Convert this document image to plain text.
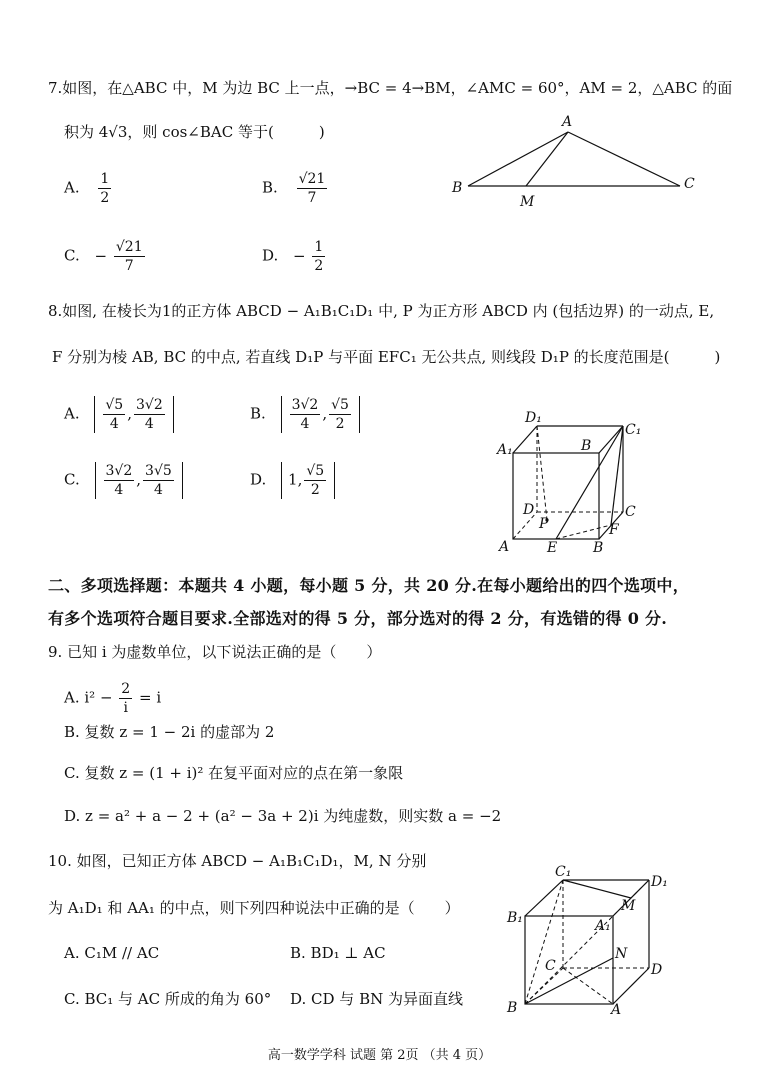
7.如图，在△ABC 中，M 为边 BC 上一点，→BC = 4→BM，∠AMC = 60°，AM = 2，△ABC 的面
积为 4√3，则 cos∠BAC 等于(　　　)
A. $\frac{1}{2}$	B. $\frac{√21}{7}$
C. − $\frac{√21}{7}$	D. − $\frac{1}{2}$
A
B	C
M
8.如图, 在棱长为1的正方体 ABCD − A₁B₁C₁D₁ 中, P 为正方形 ABCD 内 (包括边界) 的一动点, E,
F 分别为棱 AB, BC 的中点, 若直线 D₁P 与平面 EFC₁ 无公共点, 则线段 D₁P 的长度范围是(　　　)
A. $\frac{√5}{4}$ , $\frac{3√2}{4}$	B. $\frac{3√2}{4}$ , $\frac{√5}{2}$
C. $\frac{3√2}{4}$ , $\frac{3√5}{4}$	D. 1, $\frac{√5}{2}$
D₁
C₁
A₁	B
D	C
P	F
A	E	B
二、多项选择题：本题共 4 小题，每小题 5 分，共 20 分.在每小题给出的四个选项中，
有多个选项符合题目要求.全部选对的得 5 分，部分选对的得 2 分，有选错的得 0 分.
9. 已知 i 为虚数单位，以下说法正确的是（　　）
A. $i^2 - \frac{2}{i} = i$
B. 复数 z = 1 − 2i 的虚部为 2
C. 复数 z = (1 + i)² 在复平面对应的点在第一象限
D. z = a² + a − 2 + (a² − 3a + 2)i 为纯虚数，则实数 a = −2
10. 如图，已知正方体 ABCD − A₁B₁C₁D₁，M, N 分别
为 A₁D₁ 和 AA₁ 的中点，则下列四种说法中正确的是（　　）
A. C₁M // AC	B. BD₁ ⊥ AC
C. BC₁ 与 AC 所成的角为 60° D. CD 与 BN 为异面直线
C₁
D₁
B₁
M
A₁
N
C	D
B	A
高一数学学科 试题 第 2页 （共 4 页）
